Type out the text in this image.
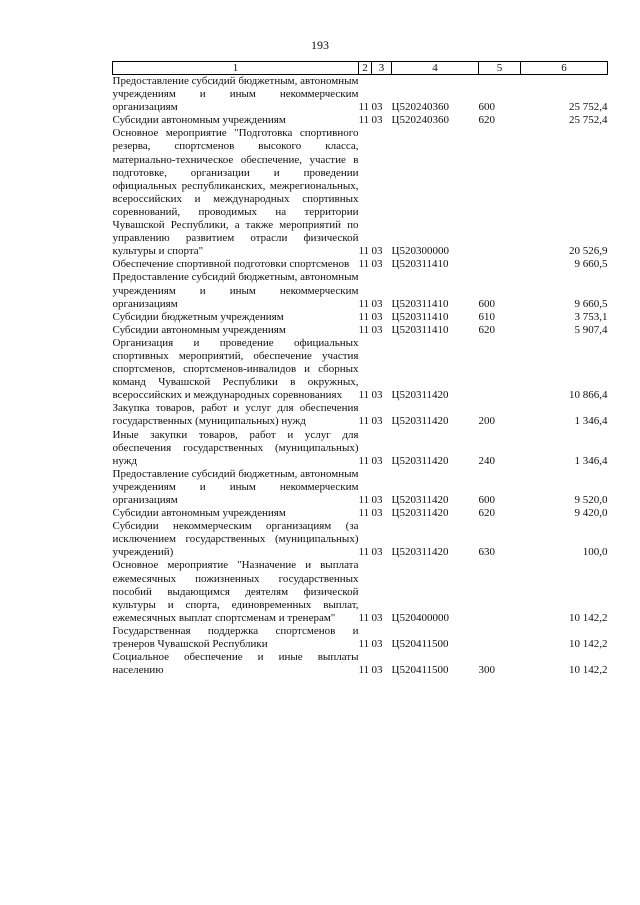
193
1	2	3	4	5	6
Предоставление субсидий бюджетным, автономным учреждениям и иным некоммерческим организациям	11	03	Ц520240360	600	25 752,4
Субсидии автономным учреждениям	11	03	Ц520240360	620	25 752,4
Основное мероприятие "Подготовка спортивного резерва, спортсменов высокого класса, материально-техническое обеспечение, участие в подготовке, организации и проведении официальных республиканских, межрегиональных, всероссийских и международных спортивных соревнований, проводимых на территории Чувашской Республики, а также мероприятий по управлению развитием отрасли физической культуры и спорта"	11	03	Ц520300000		20 526,9
Обеспечение спортивной подготовки спортсменов	11	03	Ц520311410		9 660,5
Предоставление субсидий бюджетным, автономным учреждениям и иным некоммерческим организациям	11	03	Ц520311410	600	9 660,5
Субсидии бюджетным учреждениям	11	03	Ц520311410	610	3 753,1
Субсидии автономным учреждениям	11	03	Ц520311410	620	5 907,4
Организация и проведение официальных спортивных мероприятий, обеспечение участия спортсменов, спортсменов-инвалидов и сборных команд Чувашской Республики в окружных, всероссийских и международных соревнованиях	11	03	Ц520311420		10 866,4
Закупка товаров, работ и услуг для обеспечения государственных (муниципальных) нужд	11	03	Ц520311420	200	1 346,4
Иные закупки товаров, работ и услуг для обеспечения государственных (муниципальных) нужд	11	03	Ц520311420	240	1 346,4
Предоставление субсидий бюджетным, автономным учреждениям и иным некоммерческим организациям	11	03	Ц520311420	600	9 520,0
Субсидии автономным учреждениям	11	03	Ц520311420	620	9 420,0
Субсидии некоммерческим организациям (за исключением государственных (муниципальных) учреждений)	11	03	Ц520311420	630	100,0
Основное мероприятие "Назначение и выплата ежемесячных пожизненных государственных пособий выдающимся деятелям физической культуры и спорта, единовременных выплат, ежемесячных выплат спортсменам и тренерам"	11	03	Ц520400000		10 142,2
Государственная поддержка спортсменов и тренеров Чувашской Республики	11	03	Ц520411500		10 142,2
Социальное обеспечение и иные выплаты населению	11	03	Ц520411500	300	10 142,2
